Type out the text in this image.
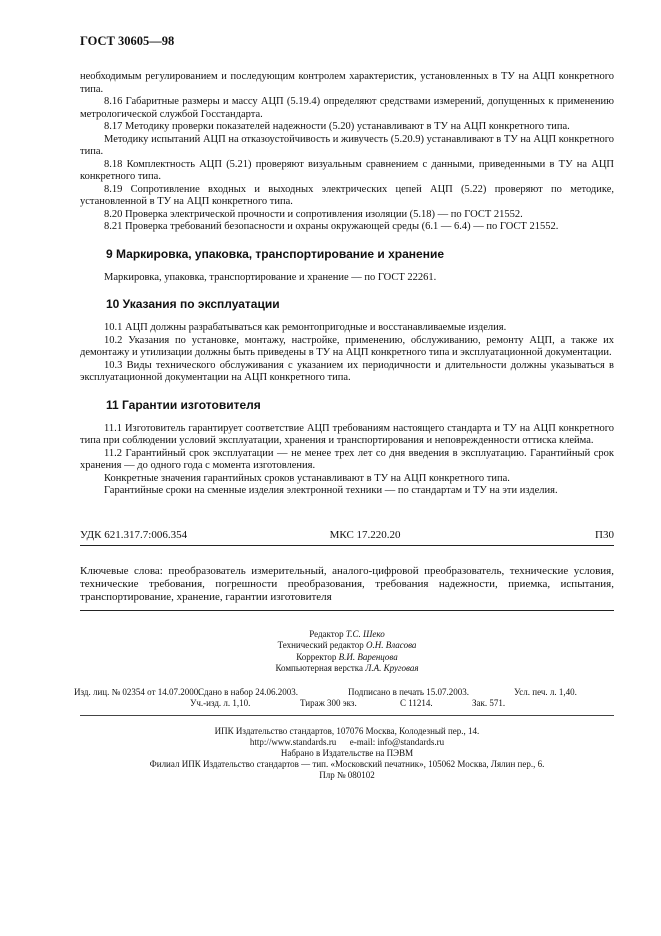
ГОСТ 30605—98

необходимым регулированием и последующим контролем характеристик, установленных в ТУ на АЦП конкретного типа.

8.16 Габаритные размеры и массу АЦП (5.19.4) определяют средствами измерений, допущенных к применению метрологической службой Госстандарта.

8.17 Методику проверки показателей надежности (5.20) устанавливают в ТУ на АЦП конкретного типа.

Методику испытаний АЦП на отказоустойчивость и живучесть (5.20.9) устанавливают в ТУ на АЦП конкретного типа.

8.18 Комплектность АЦП (5.21) проверяют визуальным сравнением с данными, приведенными в ТУ на АЦП конкретного типа.

8.19 Сопротивление входных и выходных электрических цепей АЦП (5.22) проверяют по методике, установленной в ТУ на АЦП конкретного типа.

8.20 Проверка электрической прочности и сопротивления изоляции (5.18) — по ГОСТ 21552.

8.21 Проверка требований безопасности и охраны окружающей среды (6.1 — 6.4) — по ГОСТ 21552.

9 Маркировка, упаковка, транспортирование и хранение

Маркировка, упаковка, транспортирование и хранение — по ГОСТ 22261.

10 Указания по эксплуатации

10.1 АЦП должны разрабатываться как ремонтопригодные и восстанавливаемые изделия.

10.2 Указания по установке, монтажу, настройке, применению, обслуживанию, ремонту АЦП, а также их демонтажу и утилизации должны быть приведены в ТУ на АЦП конкретного типа и эксплуатационной документации.

10.3 Виды технического обслуживания с указанием их периодичности и длительности должны указываться в эксплуатационной документации на АЦП конкретного типа.

11 Гарантии изготовителя

11.1 Изготовитель гарантирует соответствие АЦП требованиям настоящего стандарта и ТУ на АЦП конкретного типа при соблюдении условий эксплуатации, хранения и транспортирования и неповрежденности оттиска клейма.

11.2 Гарантийный срок эксплуатации — не менее трех лет со дня введения в эксплуатацию. Гарантийный срок хранения — до одного года с момента изготовления.

Конкретные значения гарантийных сроков устанавливают в ТУ на АЦП конкретного типа.

Гарантийные сроки на сменные изделия электронной техники — по стандартам и ТУ на эти изделия.

УДК 621.317.7:006.354	МКС 17.220.20	П30
Ключевые слова: преобразователь измерительный, аналого-цифровой преобразователь, технические условия, технические требования, погрешности преобразования, требования надежности, приемка, испытания, транспортирование, хранение, гарантии изготовителя
Редактор Т.С. Шеко
Технический редактор О.Н. Власова
Корректор В.И. Варенцова
Компьютерная верстка Л.А. Круговая
Изд. лиц. № 02354 от 14.07.2000.
Сдано в набор 24.06.2003.	Подписано в печать 15.07.2003.	Усл. печ. л. 1,40.
Уч.-изд. л. 1,10.	Тираж 300 экз.	С 11214.	Зак. 571.
ИПК Издательство стандартов, 107076 Москва, Колодезный пер., 14.
http://www.standards.ru      e-mail: info@standards.ru
Набрано в Издательстве на ПЭВМ
Филиал ИПК Издательство стандартов — тип. «Московский печатник», 105062 Москва, Лялин пер., 6.
Плр № 080102
